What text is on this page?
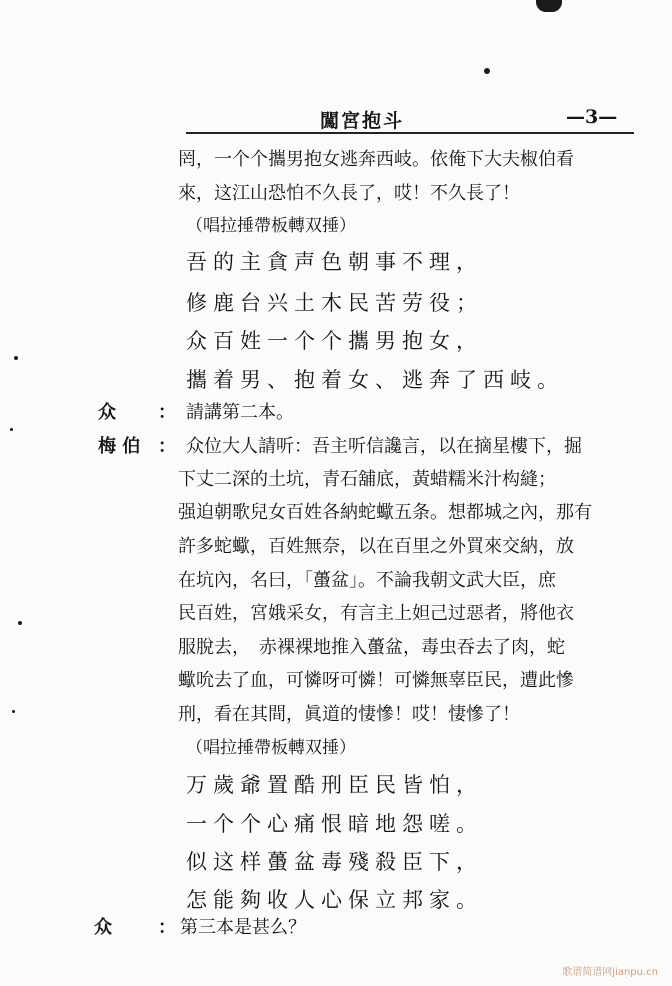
闖宮抱斗	—3—
罔，一个个攜男抱女逃奔西岐。依俺下大夫椒伯看
來，这江山恐怕不久長了，哎！不久長了！
（唱拉捶帶板轉双捶）
吾的主貪声色朝事不理，
修鹿台兴土木民苦劳役；
众百姓一个个攜男抱女，
攜着男、抱着女、逃奔了西岐。
众 ： 請講第二本。
梅 伯 ： 众位大人請听：吾主听信讒言，以在摘星樓下，掘
下丈二深的土坑，青石舖底，黃蜡糯米汁构縫；
强迫朝歌兒女百姓各納蛇蠍五条。想都城之內，那有
許多蛇蠍，百姓無奈，以在百里之外買來交納，放
在坑內，名曰，「蠆盆」。不論我朝文武大臣，庶
民百姓，宮娥采女，有言主上妲己过惡者，將他衣
服脫去，　赤裸裸地推入蠆盆，毒虫吞去了肉，蛇
蠍吮去了血，可憐呀可憐！可憐無辜臣民，遭此慘
刑，看在其間，眞道的悽慘！哎！悽慘了！
（唱拉捶帶板轉双捶）
万歲爺置酷刑臣民皆怕，
一个个心痛恨暗地怨嗟。
似这样蠆盆毒殘殺臣下，
怎能夠收人心保立邦家。
众	： 第三本是甚么？
歌谱简谱网jianpu.cn
